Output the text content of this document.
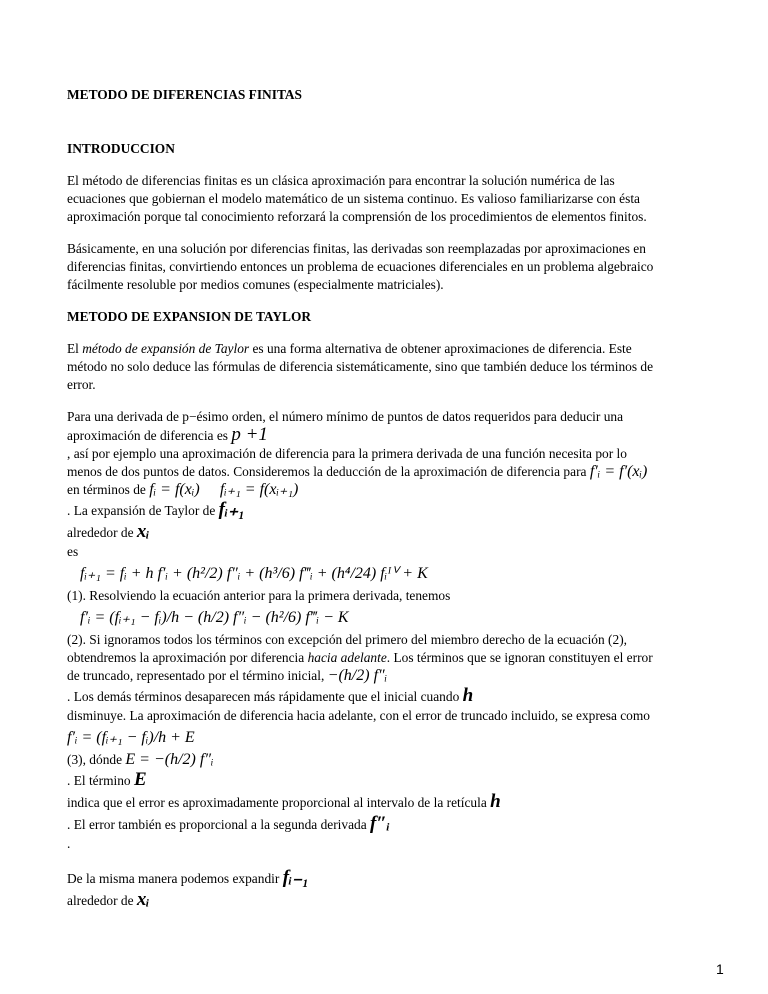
METODO DE DIFERENCIAS FINITAS
INTRODUCCION
El método de diferencias finitas es un clásica aproximación para encontrar la solución numérica de las
ecuaciones que gobiernan el modelo matemático de un sistema continuo. Es valioso familiarizarse con ésta
aproximación porque tal conocimiento reforzará la comprensión de los procedimientos de elementos finitos.
Básicamente, en una solución por diferencias finitas, las derivadas son reemplazadas por aproximaciones en
diferencias finitas, convirtiendo entonces un problema de ecuaciones diferenciales en un problema algebraico
fácilmente resoluble por medios comunes (especialmente matriciales).
METODO DE EXPANSION DE TAYLOR
El método de expansión de Taylor es una forma alternativa de obtener aproximaciones de diferencia. Este
método no solo deduce las fórmulas de diferencia sistemáticamente, sino que también deduce los términos de
error.
Para una derivada de p−ésimo orden, el número mínimo de puntos de datos requeridos para deducir una
aproximación de diferencia es p +1
, así por ejemplo una aproximación de diferencia para la primera derivada de una función necesita por lo
menos de dos puntos de datos. Consideremos la deducción de la aproximación de diferencia para f′ᵢ = f′(xᵢ)
en términos de fᵢ = f(xᵢ) fᵢ₊₁ = f(xᵢ₊₁)
. La expansión de Taylor de fᵢ₊₁
alrededor de xᵢ
es
fᵢ₊₁ = fᵢ + h f′ᵢ + (h²/2) f″ᵢ + (h³/6) f‴ᵢ + (h⁴/24) fᵢᴵⱽ + K
(1). Resolviendo la ecuación anterior para la primera derivada, tenemos
f′ᵢ = (fᵢ₊₁ − fᵢ)/h − (h/2) f″ᵢ − (h²/6) f‴ᵢ − K
(2). Si ignoramos todos los términos con excepción del primero del miembro derecho de la ecuación (2),
obtendremos la aproximación por diferencia hacia adelante. Los términos que se ignoran constituyen el error
de truncado, representado por el término inicial, −(h/2) f″ᵢ
. Los demás términos desaparecen más rápidamente que el inicial cuando h
disminuye. La aproximación de diferencia hacia adelante, con el error de truncado incluido, se expresa como
f′ᵢ = (fᵢ₊₁ − fᵢ)/h + E
(3), dónde E = −(h/2) f″ᵢ
. El término E
indica que el error es aproximadamente proporcional al intervalo de la retícula h
. El error también es proporcional a la segunda derivada f″ᵢ
.
De la misma manera podemos expandir fᵢ₋₁
alrededor de xᵢ
1
